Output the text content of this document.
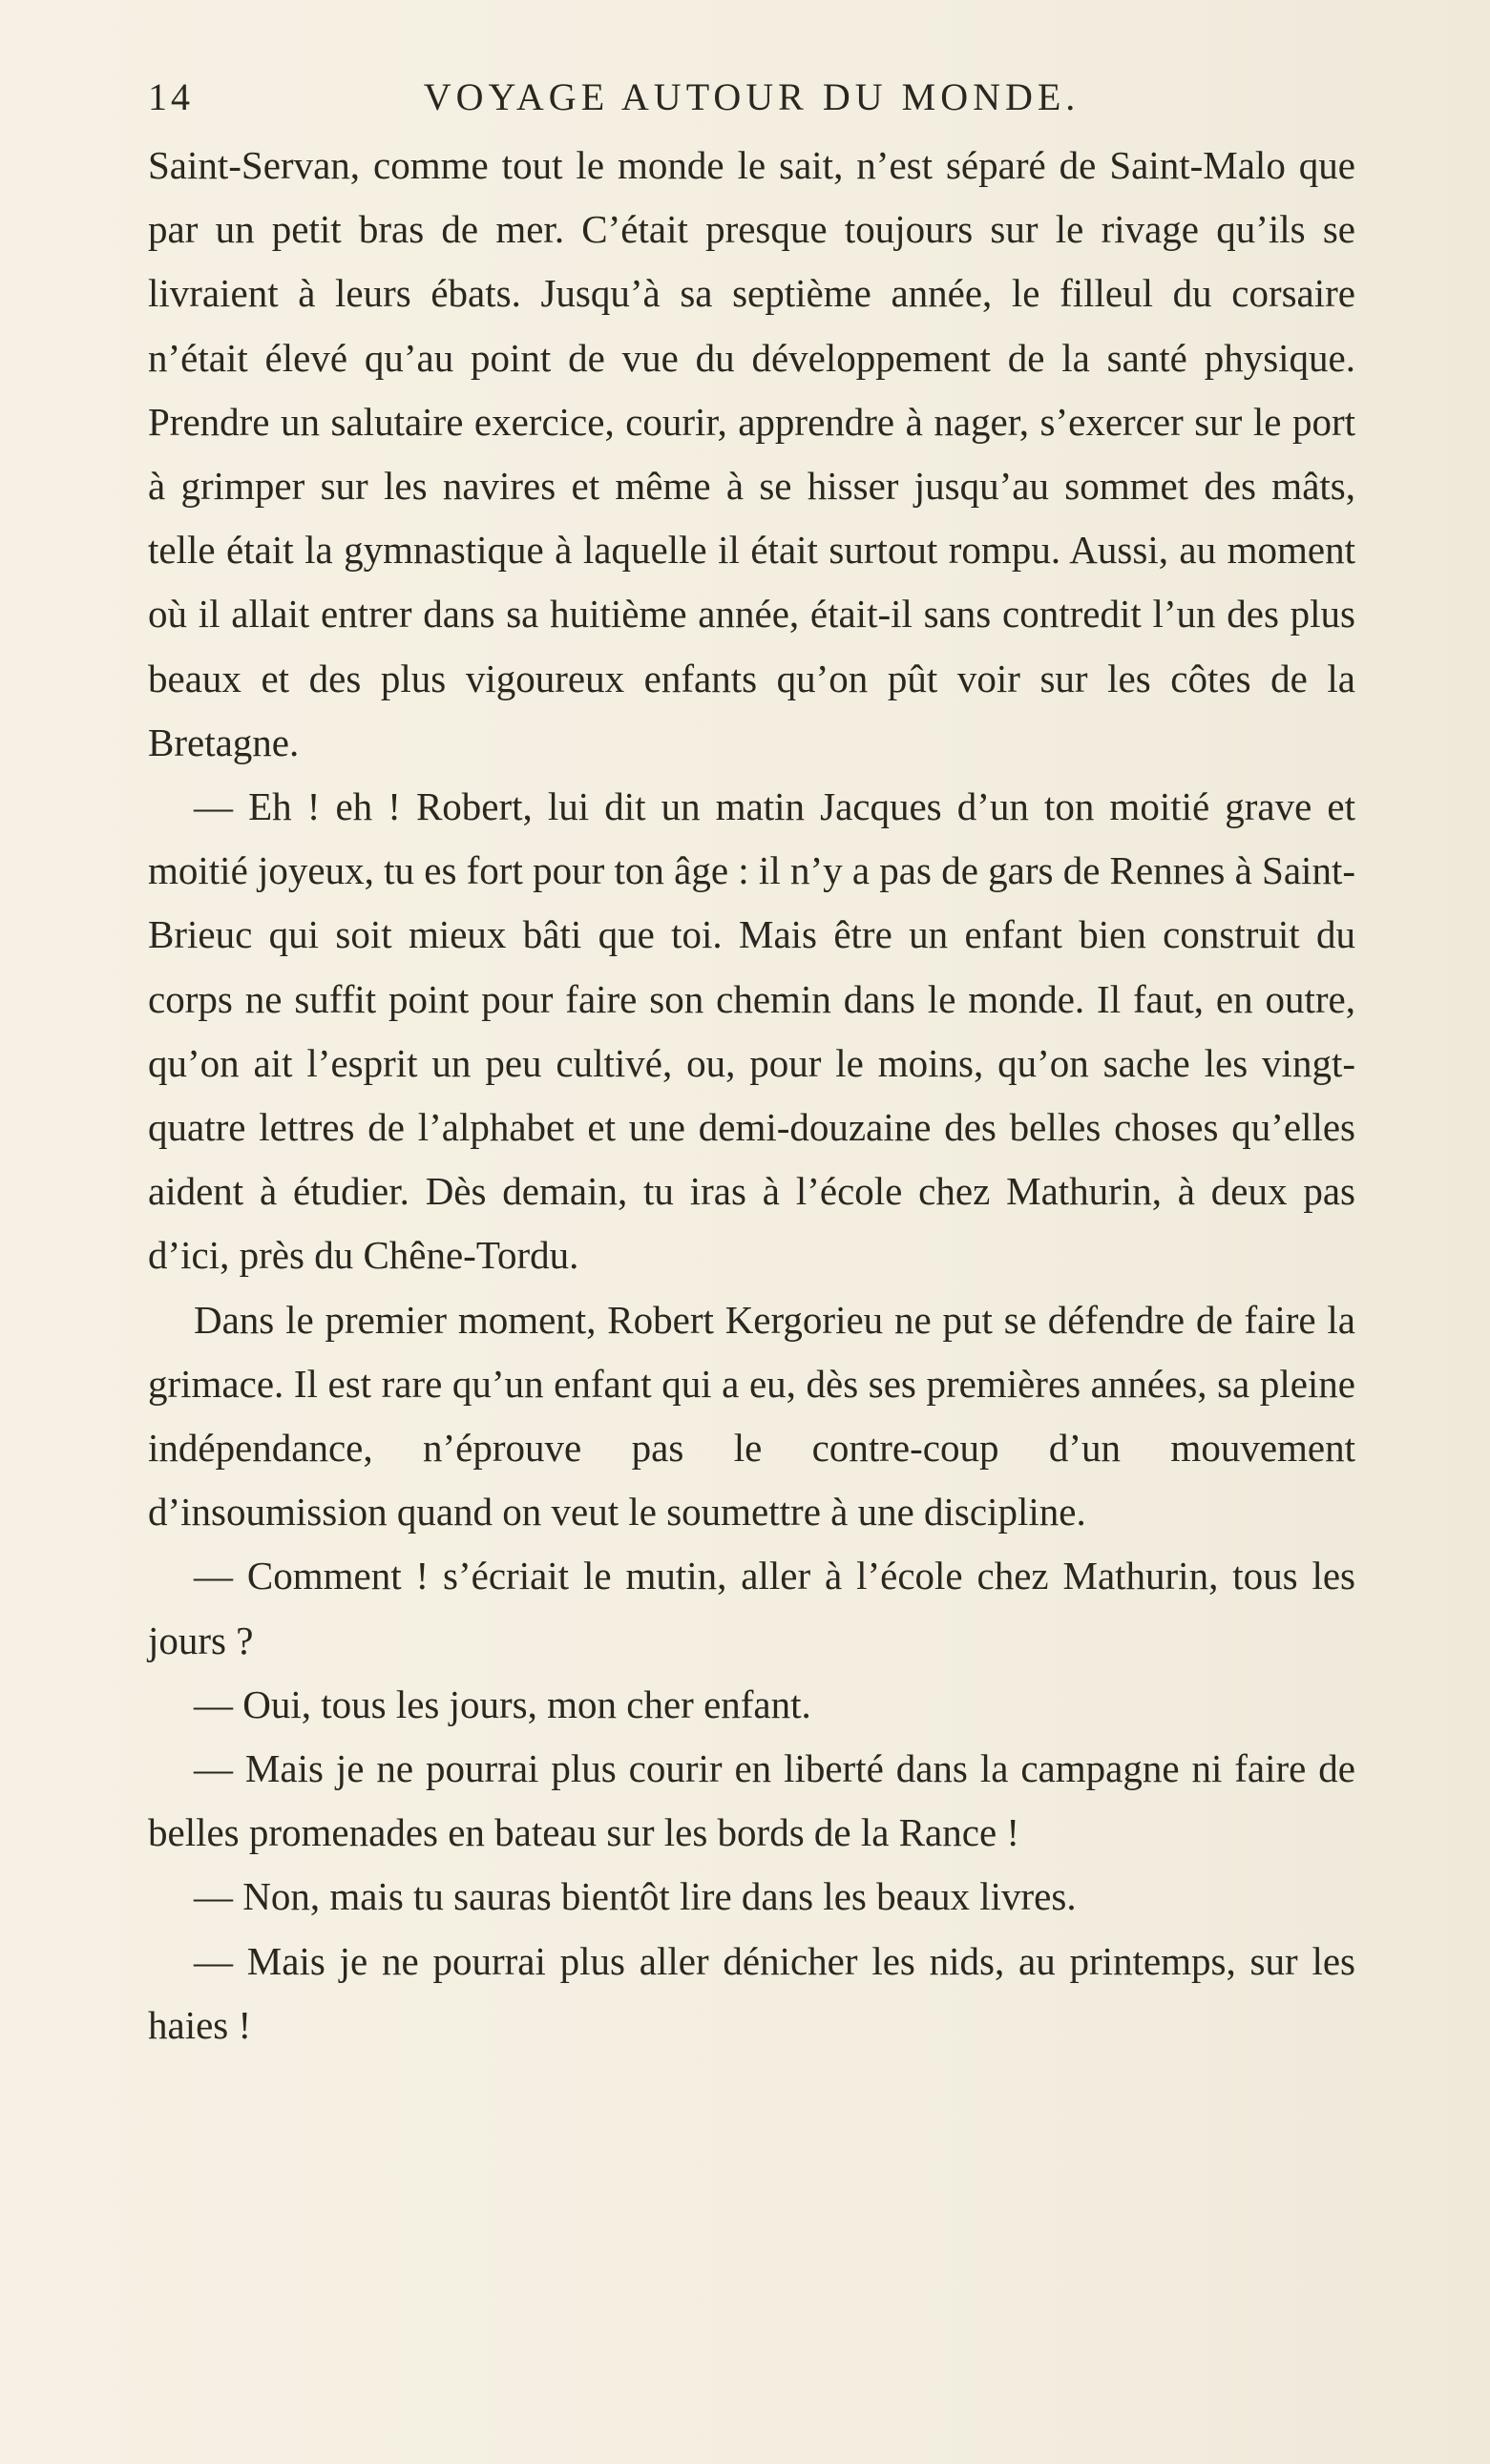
14	VOYAGE AUTOUR DU MONDE.

Saint-Servan, comme tout le monde le sait, n’est séparé de Saint-Malo que par un petit bras de mer. C’était presque toujours sur le rivage qu’ils se livraient à leurs ébats. Jusqu’à sa septième année, le filleul du corsaire n’était élevé qu’au point de vue du développement de la santé physique. Prendre un salutaire exercice, courir, apprendre à nager, s’exercer sur le port à grimper sur les navires et même à se hisser jusqu’au sommet des mâts, telle était la gymnastique à laquelle il était surtout rompu. Aussi, au moment où il allait entrer dans sa huitième année, était-il sans contredit l’un des plus beaux et des plus vigoureux enfants qu’on pût voir sur les côtes de la Bretagne.

— Eh ! eh ! Robert, lui dit un matin Jacques d’un ton moitié grave et moitié joyeux, tu es fort pour ton âge : il n’y a pas de gars de Rennes à Saint-Brieuc qui soit mieux bâti que toi. Mais être un enfant bien construit du corps ne suffit point pour faire son chemin dans le monde. Il faut, en outre, qu’on ait l’esprit un peu cultivé, ou, pour le moins, qu’on sache les vingt-quatre lettres de l’alphabet et une demi-douzaine des belles choses qu’elles aident à étudier. Dès demain, tu iras à l’école chez Mathurin, à deux pas d’ici, près du Chêne-Tordu.

Dans le premier moment, Robert Kergorieu ne put se défendre de faire la grimace. Il est rare qu’un enfant qui a eu, dès ses premières années, sa pleine indépendance, n’éprouve pas le contre-coup d’un mouvement d’insoumission quand on veut le soumettre à une discipline.

— Comment ! s’écriait le mutin, aller à l’école chez Mathurin, tous les jours ?

— Oui, tous les jours, mon cher enfant.

— Mais je ne pourrai plus courir en liberté dans la campagne ni faire de belles promenades en bateau sur les bords de la Rance !

— Non, mais tu sauras bientôt lire dans les beaux livres.

— Mais je ne pourrai plus aller dénicher les nids, au printemps, sur les haies !
